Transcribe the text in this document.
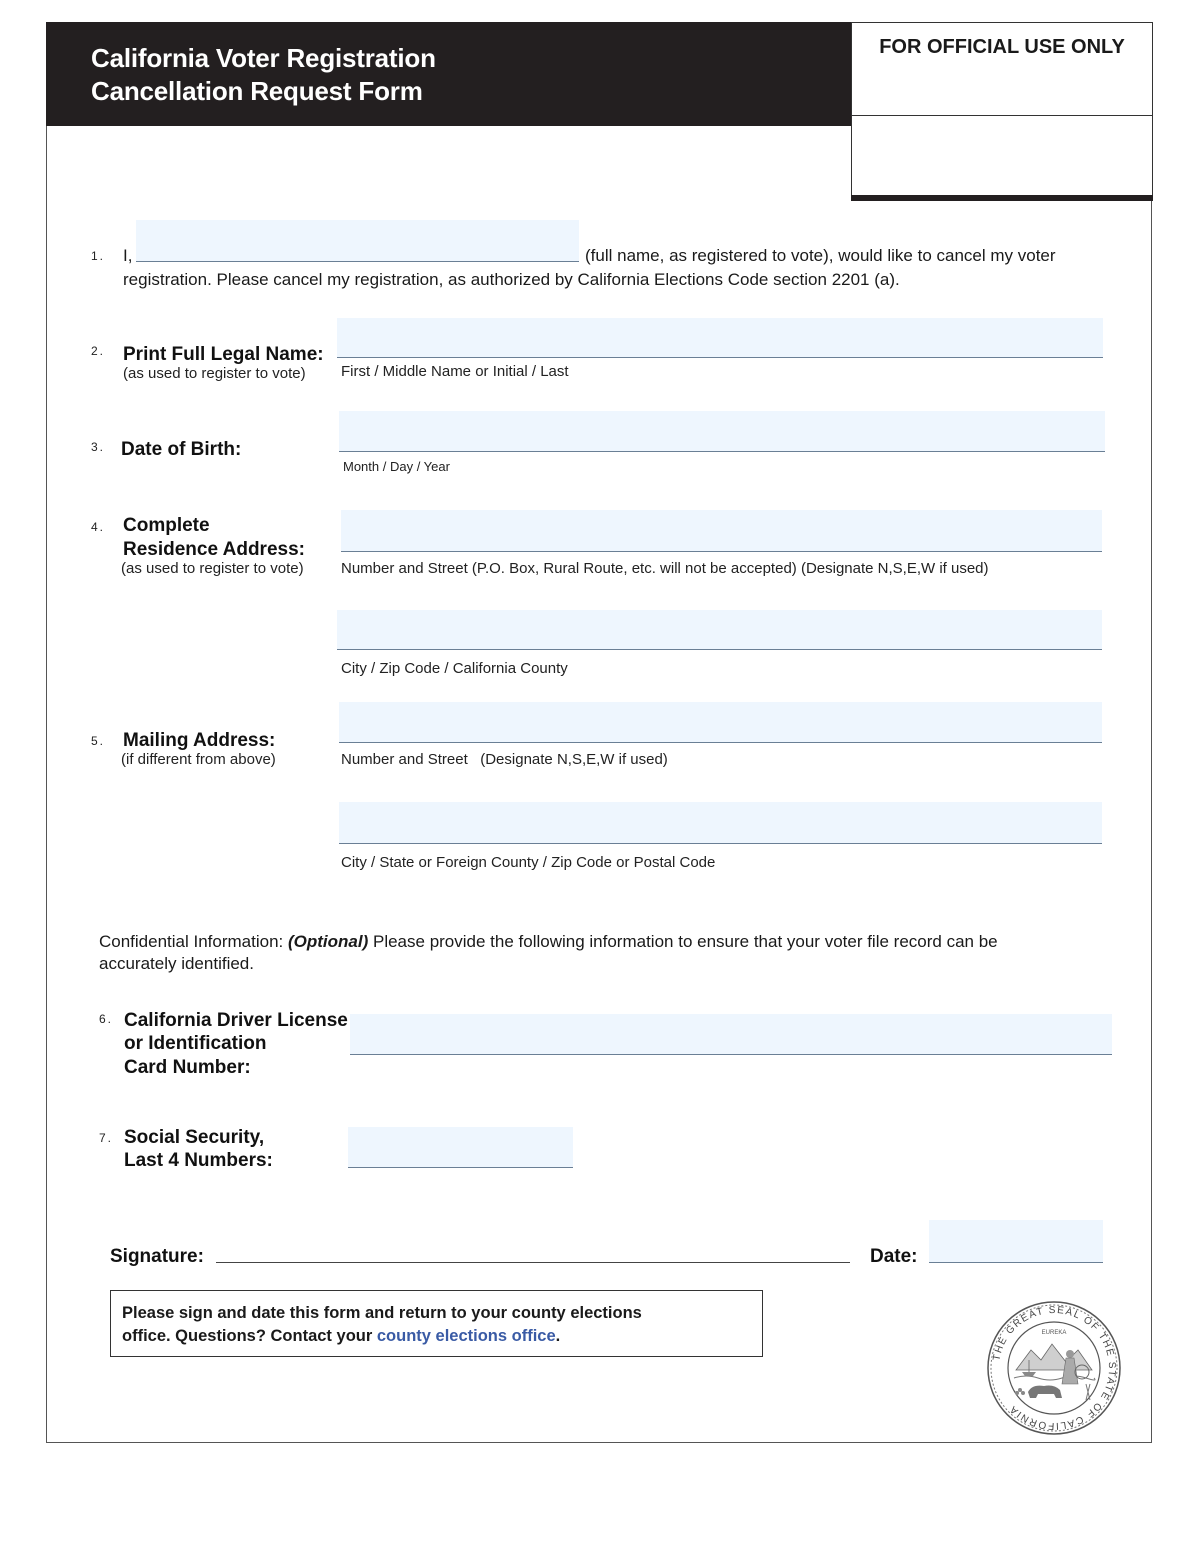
California Voter Registration
Cancellation Request Form
FOR OFFICIAL USE ONLY
1. I,	(full name, as registered to vote), would like to cancel my voter
registration. Please cancel my registration, as authorized by California Elections Code section 2201 (a).
2. Print Full Legal Name:
(as used to register to vote) First / Middle Name or Initial / Last
3. Date of Birth:
Month / Day / Year
4. Complete
Residence Address:
(as used to register to vote) Number and Street (P.O. Box, Rural Route, etc. will not be accepted) (Designate N,S,E,W if used)
City / Zip Code / California County
5. Mailing Address:
(if different from above)	Number and Street   (Designate N,S,E,W if used)
City / State or Foreign County / Zip Code or Postal Code
Confidential Information: (Optional) Please provide the following information to ensure that your voter file record can be
accurately identified.
6. California Driver License
or Identification
Card Number:
7. Social Security,
Last 4 Numbers:
Signature:	Date:
Please sign and date this form and return to your county elections
office. Questions? Contact your county elections office.
THE GREAT SEAL OF THE STATE OF CALIFORNIA
EUREKA
